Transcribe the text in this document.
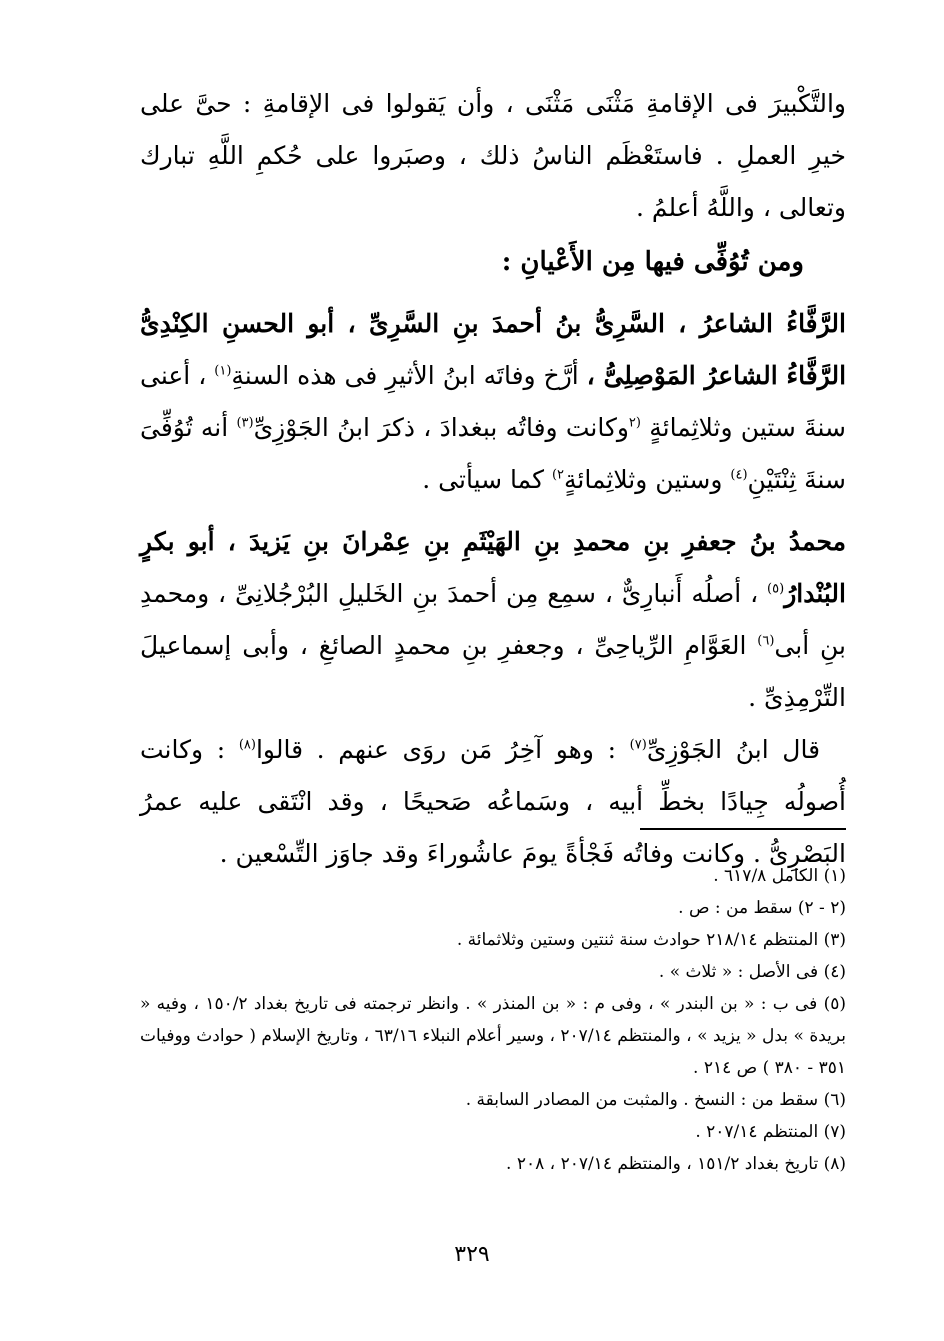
والتَّكْبيرَ فى الإقامةِ مَثْنَى مَثْنَى ، وأن يَقولوا فى الإقامةِ : حىَّ على خيرِ العملِ . فاستَعْظَم الناسُ ذلك ، وصبَروا على حُكمِ اللَّهِ تبارك وتعالى ، واللَّهُ أعلمُ .

ومن تُوُفِّى فيها مِن الأَعْيانِ :

الرَّفَّاءُ الشاعرُ ، السَّرِىُّ بنُ أحمدَ بنِ السَّرِىِّ ، أبو الحسنِ الكِنْدِىُّ الرَّفَّاءُ الشاعرُ المَوْصِلِىُّ ، أرَّخ وفاتَه ابنُ الأثيرِ فى هذه السنةِ$^{(١)}$ ، أعنى سنةَ ستين وثلاثِمائةٍ $^{(٢}$وكانت وفاتُه ببغدادَ ، ذكرَ ابنُ الجَوْزِىِّ$^{(٣)}$ أنه تُوُفِّىَ سنةَ ثِنْتَيْنِ$^{(٤)}$ وستين وثلاثِمائةٍ$^{٢)}$ كما سيأتى .

محمدُ بنُ جعفرِ بنِ محمدِ بنِ الهَيْثَمِ بنِ عِمْرانَ بنِ يَزيدَ ، أبو بكرٍ البُنْدارُ$^{(٥)}$ ، أصلُه أَنبارِىٌّ ، سمِع مِن أحمدَ بنِ الخَليلِ البُرْجُلانِىِّ ، ومحمدِ بنِ أبى$^{(٦)}$ العَوَّامِ الرِّياحِىِّ ، وجعفرِ بنِ محمدٍ الصائغِ ، وأبى إسماعيلَ التِّرْمِذِىِّ .

قال ابنُ الجَوْزِىِّ$^{(٧)}$ : وهو آخِرُ مَن روَى عنهم . قالوا$^{(٨)}$ : وكانت أُصولُه جِيادًا بخطِّ أبيه ، وسَماعُه صَحيحًا ، وقد انْتَقى عليه عمرُ البَصْرِىُّ . وكانت وفاتُه فَجْأةً يومَ عاشُوراءَ وقد جاوَز التِّسْعين .

(١) الكامل ٦١٧/٨ .

(٢ - ٢) سقط من : ص .

(٣) المنتظم ٢١٨/١٤ حوادث سنة ثنتين وستين وثلاثمائة .

(٤) فى الأصل : « ثلاث » .

(٥) فى ب : « بن البندر » ، وفى م : « بن المنذر » . وانظر ترجمته فى تاريخ بغداد ١٥٠/٢ ، وفيه « بريدة » بدل « يزيد » ، والمنتظم ٢٠٧/١٤ ، وسير أعلام النبلاء ٦٣/١٦ ، وتاريخ الإسلام ( حوادث ووفيات ٣٥١ - ٣٨٠ ) ص ٢١٤ .

(٦) سقط من : النسخ . والمثبت من المصادر السابقة .

(٧) المنتظم ٢٠٧/١٤ .

(٨) تاريخ بغداد ١٥١/٢ ، والمنتظم ٢٠٧/١٤ ، ٢٠٨ .

٣٢٩
